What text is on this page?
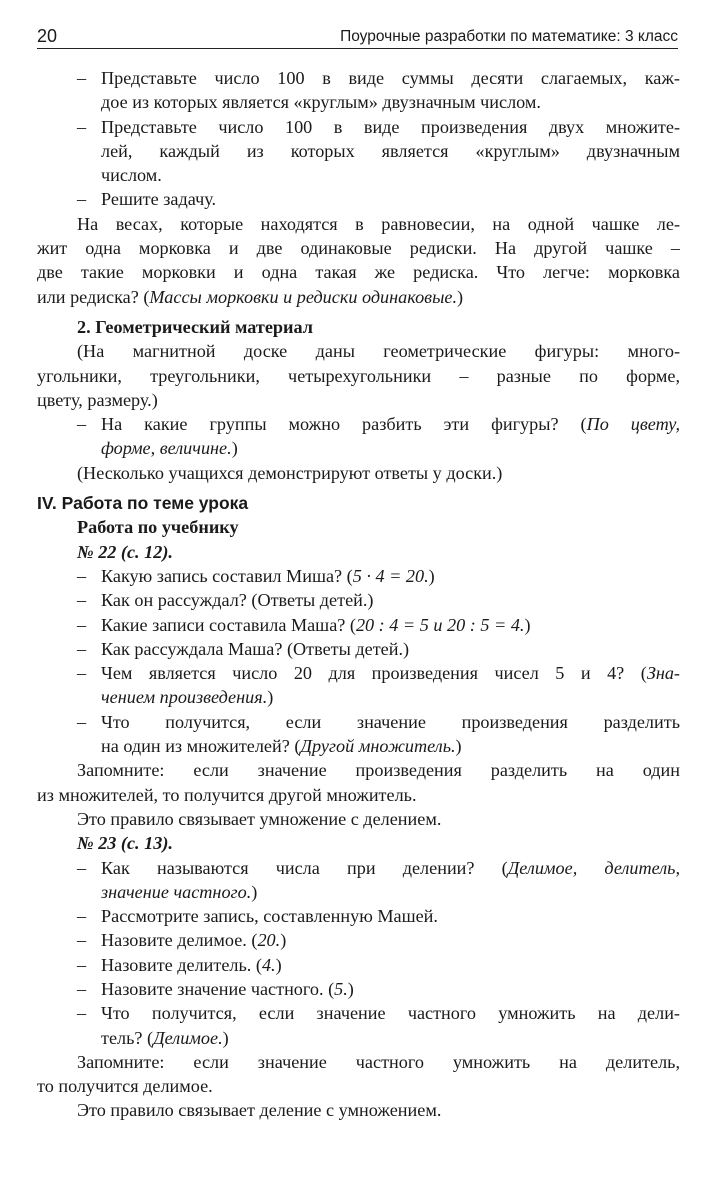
20	Поурочные разработки по математике: 3 класс
– Представьте число 100 в виде суммы десяти слагаемых, каж-
дое из которых является «круглым» двузначным числом.
– Представьте число 100 в виде произведения двух множите-
лей, каждый из которых является «круглым» двузначным
числом.
– Решите задачу.
На весах, которые находятся в равновесии, на одной чашке ле-
жит одна морковка и две одинаковые редиски. На другой чашке –
две такие морковки и одна такая же редиска. Что легче: морковка
или редиска? (Массы морковки и редиски одинаковые.)
2. Геометрический материал
(На магнитной доске даны геометрические фигуры: много-
угольники, треугольники, четырехугольники – разные по форме,
цвету, размеру.)
– На какие группы можно разбить эти фигуры? (По цвету,
форме, величине.)
(Несколько учащихся демонстрируют ответы у доски.)
IV. Работа по теме урока
Работа по учебнику
№ 22 (с. 12).
– Какую запись составил Миша? (5 · 4 = 20.)
– Как он рассуждал? (Ответы детей.)
– Какие записи составила Маша? (20 : 4 = 5 и 20 : 5 = 4.)
– Как рассуждала Маша? (Ответы детей.)
– Чем является число 20 для произведения чисел 5 и 4? (Зна-
чением произведения.)
– Что получится, если значение произведения разделить
на один из множителей? (Другой множитель.)
Запомните: если значение произведения разделить на один
из множителей, то получится другой множитель.
Это правило связывает умножение с делением.
№ 23 (с. 13).
– Как называются числа при делении? (Делимое, делитель,
значение частного.)
– Рассмотрите запись, составленную Машей.
– Назовите делимое. (20.)
– Назовите делитель. (4.)
– Назовите значение частного. (5.)
– Что получится, если значение частного умножить на дели-
тель? (Делимое.)
Запомните: если значение частного умножить на делитель,
то получится делимое.
Это правило связывает деление с умножением.
